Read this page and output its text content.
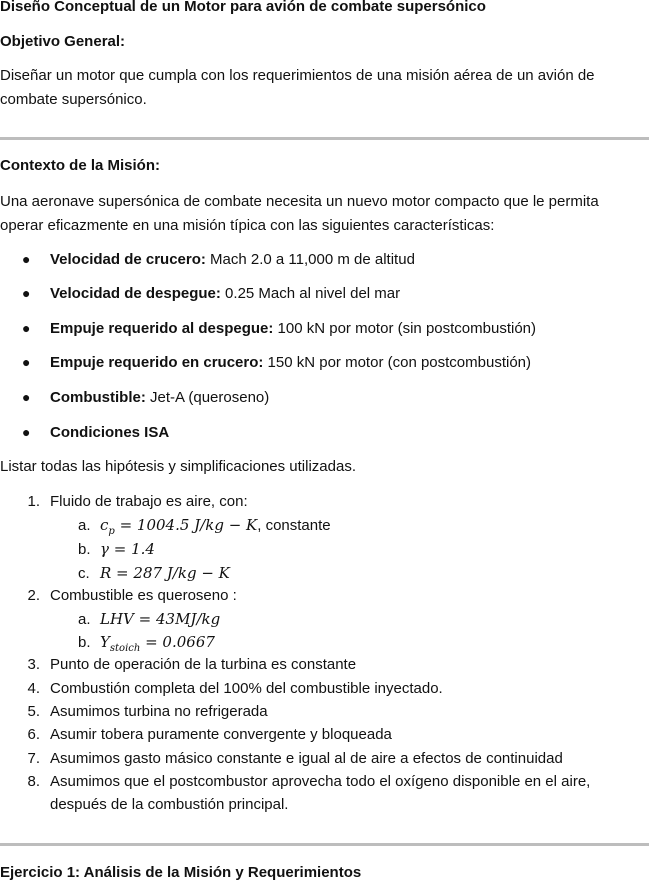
Diseño Conceptual de un Motor para avión de combate supersónico
Objetivo General:
Diseñar un motor que cumpla con los requerimientos de una misión aérea de un avión de combate supersónico.
Contexto de la Misión:
Una aeronave supersónica de combate necesita un nuevo motor compacto que le permita operar eficazmente en una misión típica con las siguientes características:
● Velocidad de crucero: Mach 2.0 a 11,000 m de altitud
● Velocidad de despegue: 0.25 Mach al nivel del mar
● Empuje requerido al despegue: 100 kN por motor (sin postcombustión)
● Empuje requerido en crucero: 150 kN por motor (con postcombustión)
● Combustible: Jet-A (queroseno)
● Condiciones ISA
Listar todas las hipótesis y simplificaciones utilizadas.
1. Fluido de trabajo es aire, con:
a. $c_p = 1004.5$ J/kg − K, constante
b. γ = 1.4
c. R = 287 J/kg − K
2. Combustible es queroseno :
a. LHV = 43MJ/kg
b. $Y_{stoich} = 0.0667$
3. Punto de operación de la turbina es constante
4. Combustión completa del 100% del combustible inyectado.
5. Asumimos turbina no refrigerada
6. Asumir tobera puramente convergente y bloqueada
7. Asumimos gasto másico constante e igual al de aire a efectos de continuidad
8. Asumimos que el postcombustor aprovecha todo el oxígeno disponible en el aire,
después de la combustión principal.
Ejercicio 1: Análisis de la Misión y Requerimientos
